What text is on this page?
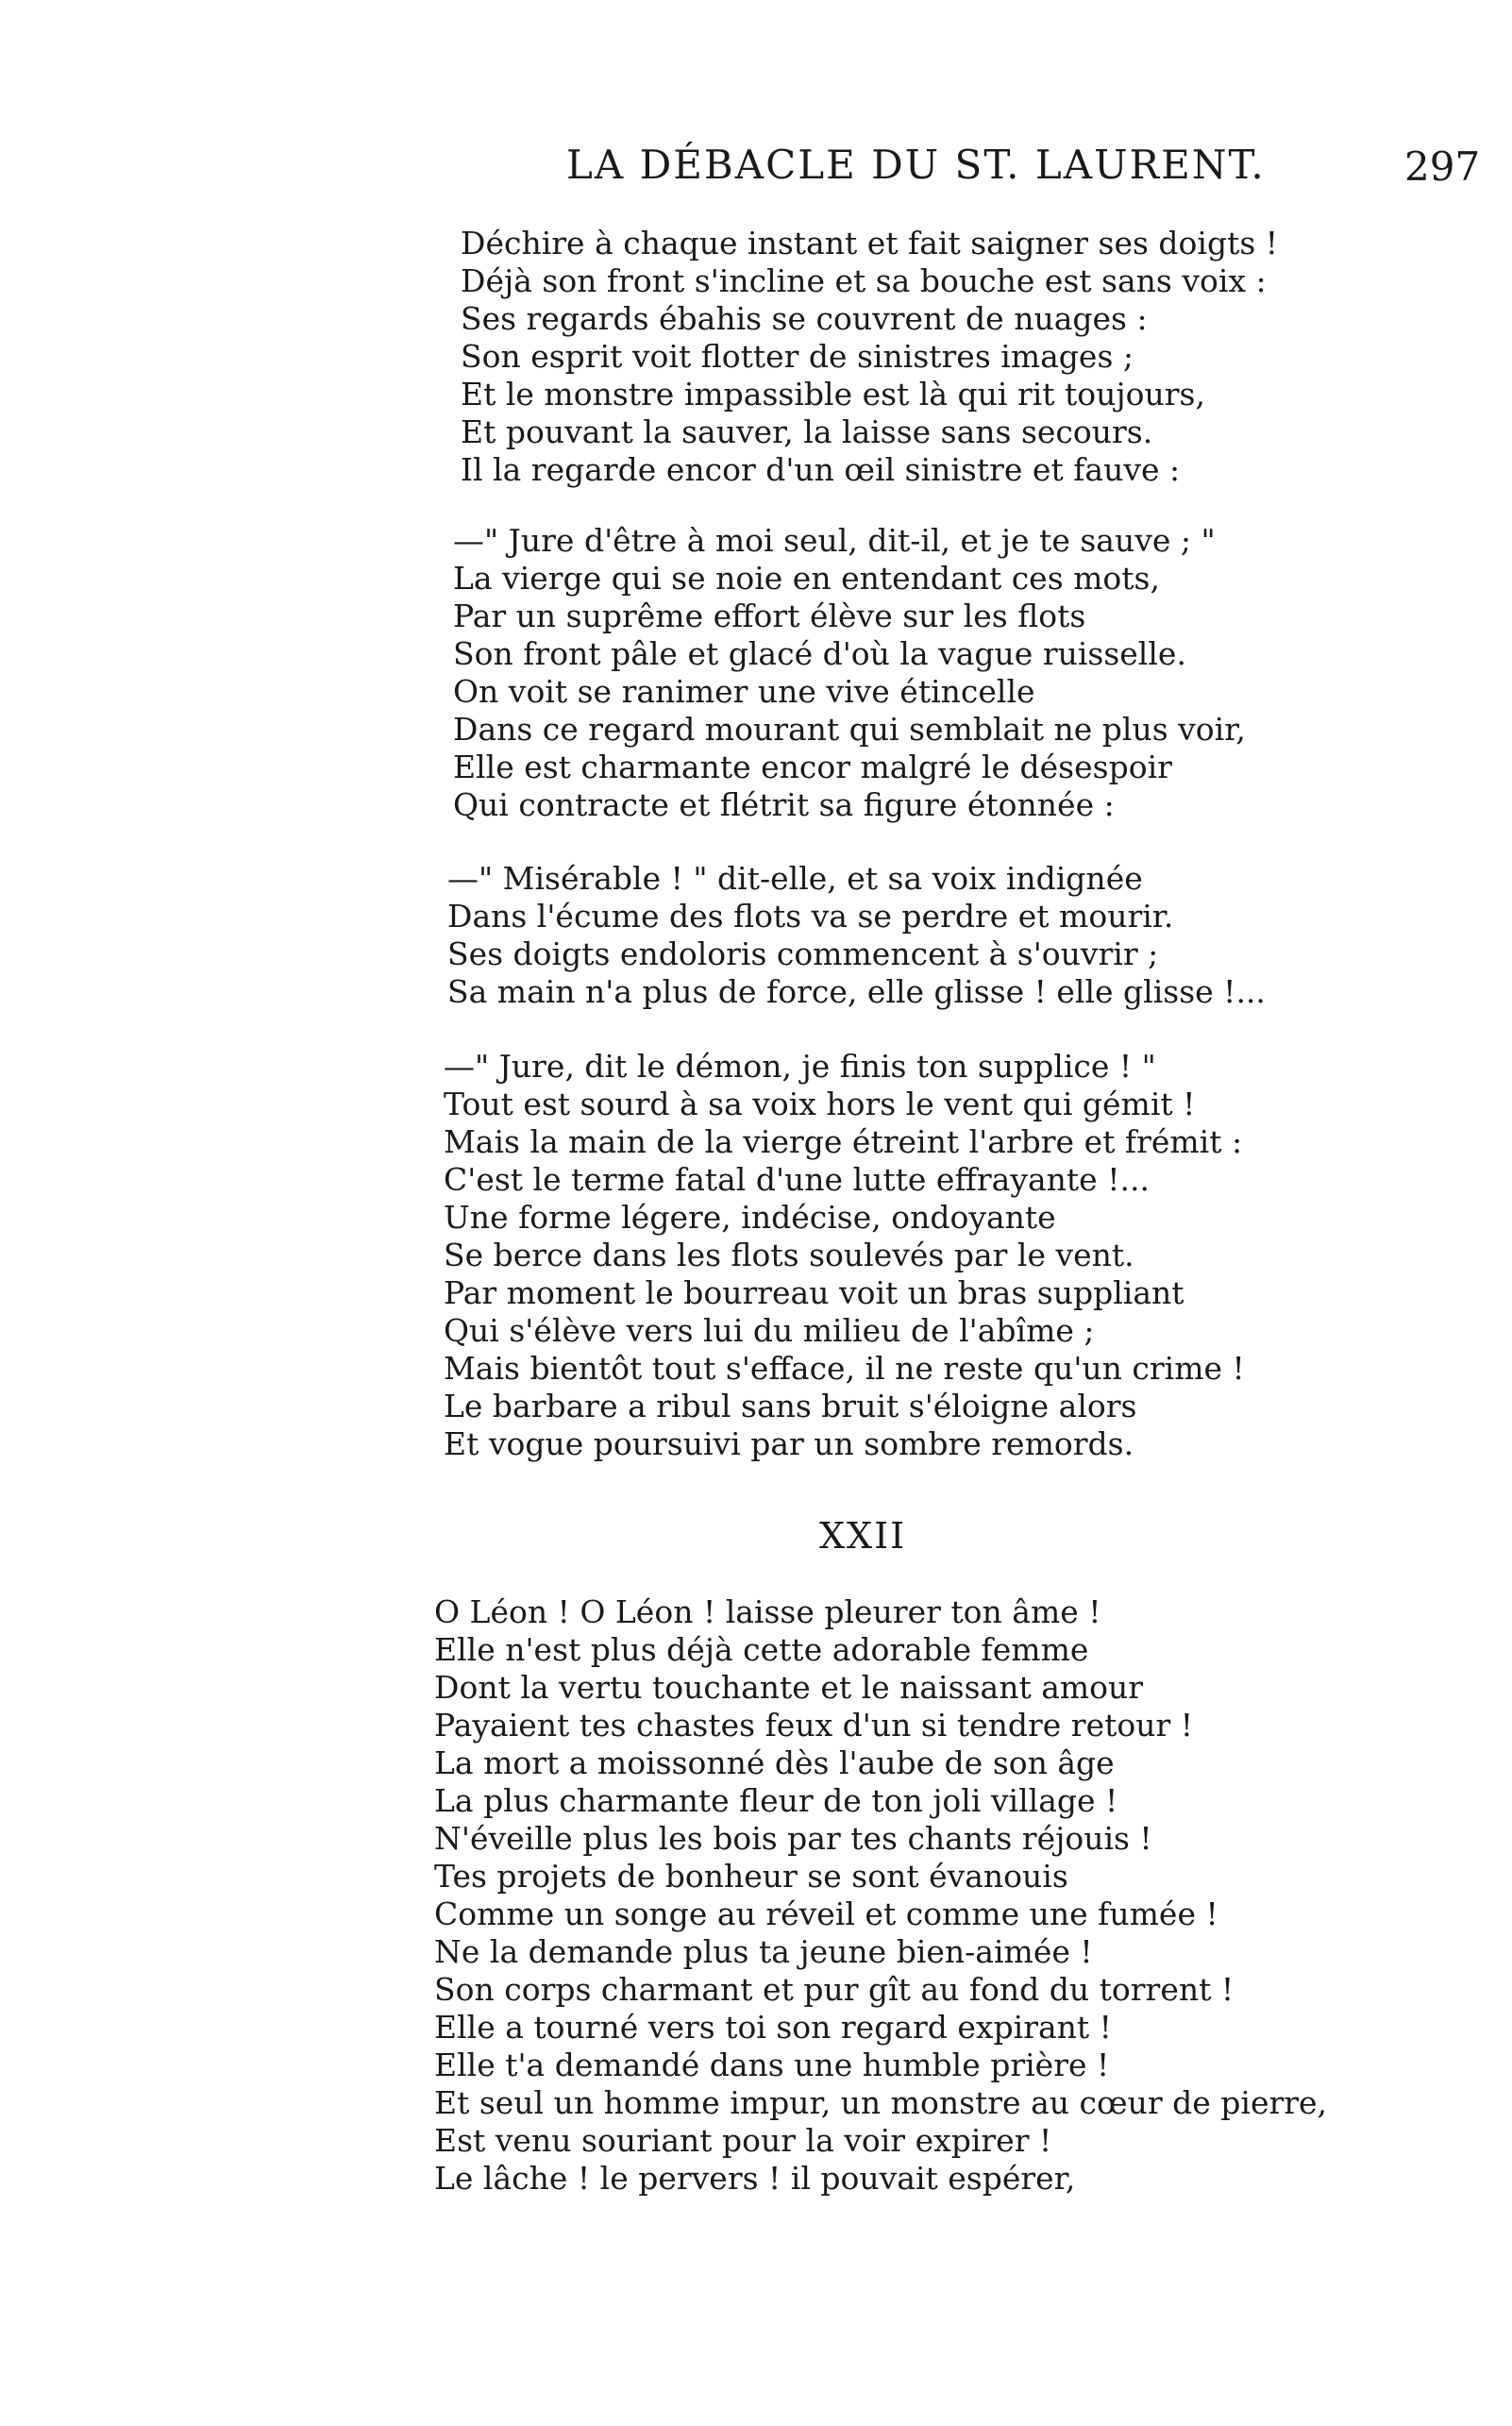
LA DÉBACLE DU ST. LAURENT.	297
Déchire à chaque instant et fait saigner ses doigts !
Déjà son front s'incline et sa bouche est sans voix :
Ses regards ébahis se couvrent de nuages :
Son esprit voit flotter de sinistres images ;
Et le monstre impassible est là qui rit toujours,
Et pouvant la sauver, la laisse sans secours.
Il la regarde encor d'un œil sinistre et fauve :
—" Jure d'être à moi seul, dit-il, et je te sauve ; "
La vierge qui se noie en entendant ces mots,
Par un suprême effort élève sur les flots
Son front pâle et glacé d'où la vague ruisselle.
On voit se ranimer une vive étincelle
Dans ce regard mourant qui semblait ne plus voir,
Elle est charmante encor malgré le désespoir
Qui contracte et flétrit sa figure étonnée :
—" Misérable ! " dit-elle, et sa voix indignée
Dans l'écume des flots va se perdre et mourir.
Ses doigts endoloris commencent à s'ouvrir ;
Sa main n'a plus de force, elle glisse ! elle glisse !...
—" Jure, dit le démon, je finis ton supplice ! "
Tout est sourd à sa voix hors le vent qui gémit !
Mais la main de la vierge étreint l'arbre et frémit :
C'est le terme fatal d'une lutte effrayante !...
Une forme légere, indécise, ondoyante
Se berce dans les flots soulevés par le vent.
Par moment le bourreau voit un bras suppliant
Qui s'élève vers lui du milieu de l'abîme ;
Mais bientôt tout s'efface, il ne reste qu'un crime !
Le barbare a ribul sans bruit s'éloigne alors
Et vogue poursuivi par un sombre remords.
XXII
O Léon ! O Léon ! laisse pleurer ton âme !
Elle n'est plus déjà cette adorable femme
Dont la vertu touchante et le naissant amour
Payaient tes chastes feux d'un si tendre retour !
La mort a moissonné dès l'aube de son âge
La plus charmante fleur de ton joli village !
N'éveille plus les bois par tes chants réjouis !
Tes projets de bonheur se sont évanouis
Comme un songe au réveil et comme une fumée !
Ne la demande plus ta jeune bien-aimée !
Son corps charmant et pur gît au fond du torrent !
Elle a tourné vers toi son regard expirant !
Elle t'a demandé dans une humble prière !
Et seul un homme impur, un monstre au cœur de pierre,
Est venu souriant pour la voir expirer !
Le lâche ! le pervers ! il pouvait espérer,
